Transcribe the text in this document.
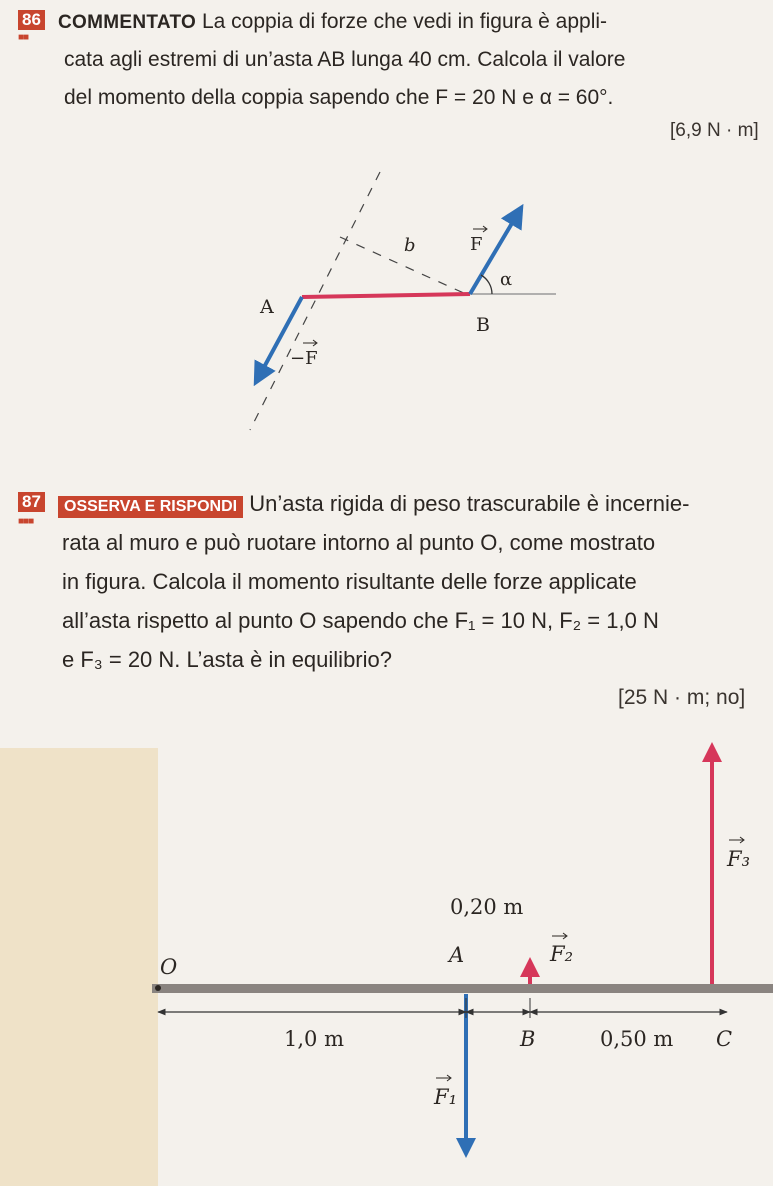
86
■■
COMMENTATO La coppia di forze che vedi in figura è appli-
cata agli estremi di un’asta AB lunga 40 cm. Calcola il valore
del momento della coppia sapendo che F = 20 N e α = 60°.
[6,9 N · m]
b	F
α
A
B
−F
87
■■■
OSSERVA E RISPONDI Un’asta rigida di peso trascurabile è incernie-
rata al muro e può ruotare intorno al punto O, come mostrato
in figura. Calcola il momento risultante delle forze applicate
all’asta rispetto al punto O sapendo che F₁ = 10 N, F₂ = 1,0 N
e F₃ = 20 N. L’asta è in equilibrio?
[25 N · m; no]
0,20 m
O	A	F₂
F₃
1,0 m	B	0,50 m C
F₁
